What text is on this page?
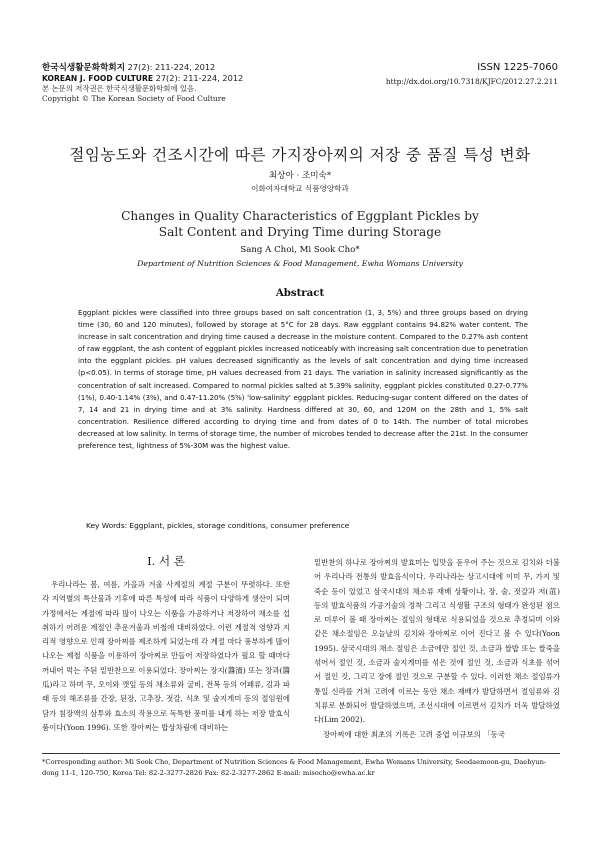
한국식생활문화학회지 27(2): 211-224, 2012
KOREAN J. FOOD CULTURE 27(2): 211-224, 2012
본 논문의 저작권은 한국식생활문화학회에 있음.
Copyright © The Korean Society of Food Culture
ISSN 1225-7060
http://dx.doi.org/10.7318/KJFC/2012.27.2.211
절임농도와 건조시간에 따른 가지장아찌의 저장 중 품질 특성 변화
최상아 · 조미숙*
이화여자대학교 식품영양학과
Changes in Quality Characteristics of Eggplant Pickles by
Salt Content and Drying Time during Storage
Sang A Choi, Mi Sook Cho*
Department of Nutrition Sciences & Food Management, Ewha Womans University
Abstract

Eggplant pickles were classified into three groups based on salt concentration (1, 3, 5%) and three groups based on drying time (30, 60 and 120 minutes), followed by storage at 5°C for 28 days. Raw eggplant contains 94.82% water content. The increase in salt concentration and drying time caused a decrease in the moisture content. Compared to the 0.27% ash content of raw eggplant, the ash content of eggplant pickles increased noticeably with increasing salt concentration due to penetration into the eggplant pickles. pH values decreased significantly as the levels of salt concentration and dying time increased (p<0.05). In terms of storage time, pH values decreased from 21 days. The variation in salinity increased significantly as the concentration of salt increased. Compared to normal pickles salted at 5.39% salinity, eggplant pickles constituted 0.27-0.77% (1%), 0.40-1.14% (3%), and 0.47-11.20% (5%) 'low-salinity' eggplant pickles. Reducing-sugar content differed on the dates of 7, 14 and 21 in drying time and at 3% salinity. Hardness differed at 30, 60, and 120M on the 28th and 1, 5% salt concentration. Resilience differed according to drying time and from dates of 0 to 14th. The number of total microbes decreased at low salinity. In terms of storage time, the number of microbes tended to decrease after the 21st. In the consumer preference test, lightness of 5%-30M was the highest value.

Key Words: Eggplant, pickles, storage conditions, consumer preference
I. 서 론

우리나라는 봄, 여름, 가을과 겨울 사계절의 계절 구분이 뚜렷하다. 또한 각 지역별의 특산물과 기후에 따른 특성에 따라 식품이 다양하게 생산이 되며 가정에서는 계절에 따라 많이 나오는 식품을 가공하거나 저장하여 채소를 섭취하기 어려운 계절인 추운겨울과 비철에 대비하였다. 이런 계절적 영향과 지리적 영향으로 인해 장아찌를 제조하게 되었는데 각 계절 마다 풍부하게 많이 나오는 제철 식품을 이용하여 장아찌로 만들어 저장하였다가 필요 할 때마다 꺼내어 먹는 주된 밑반찬으로 이용되었다. 장아찌는 장지(醬漬) 또는 장과(醬瓜)라고 하며 무, 오이와 깻잎 등의 채소류와 굴비, 전복 등의 어패류, 김과 파래 등의 해조류를 간장, 된장, 고추장, 젓갈, 식초 및 술지게미 등의 절임원에 담가 침장액의 삼투와 효소의 작용으로 독특한 풍미를 내게 하는 저장 발효식품이다(Yoon 1996). 또한 장아찌는 밥상차림에 대비하는

밑반찬의 하나로 장아찌의 발효미는 입맛을 돋우어 주는 것으로 김치와 더불어 우리나라 전통의 발효음식이다. 우리나라는 상고시대에 이미 무, 가지 및 죽순 등이 있었고 삼국시대의 채소류 재배 상황이나, 장, 술, 젓갈과 저(菹) 등의 발효식품의 가공기술의 정착 그리고 식생활 구조의 형태가 완성된 점으로 미루어 볼 때 장아찌는 절임의 형태로 식용되었을 것으로 추정되며 이와 같은 채소절임은 오늘날의 김치와 장아찌로 이어 진다고 볼 수 있다(Yoon 1995). 삼국시대의 채소 절임은 소금에만 절인 것, 소금과 쌀밥 또는 쌀죽을 섞어서 절인 것, 소금과 술지게미를 섞은 것에 절인 것, 소금과 식초를 섞어서 절인 것, 그리고 장에 절인 것으로 구분할 수 있다. 이러한 채소 절임류가 통일 신라를 거쳐 고려에 이르는 동안 채소 재배가 발달하면서 절임류와 김치류로 분화되어 발달하였으며, 조선시대에 이르면서 김치가 더욱 발달하였다(Lim 2002).

장아찌에 대한 최초의 기록은 고려 중엽 이규보의 「동국

*Corresponding author: Mi Sook Cho, Department of Nutrition Sciences & Food Management, Ewha Womans University, Seodaemoon-gu, Daehyun-dong 11-1, 120-750, Korea Tel: 82-2-3277-2826 Fax: 82-2-3277-2862 E-mail: misocho@ewha.ac.kr
